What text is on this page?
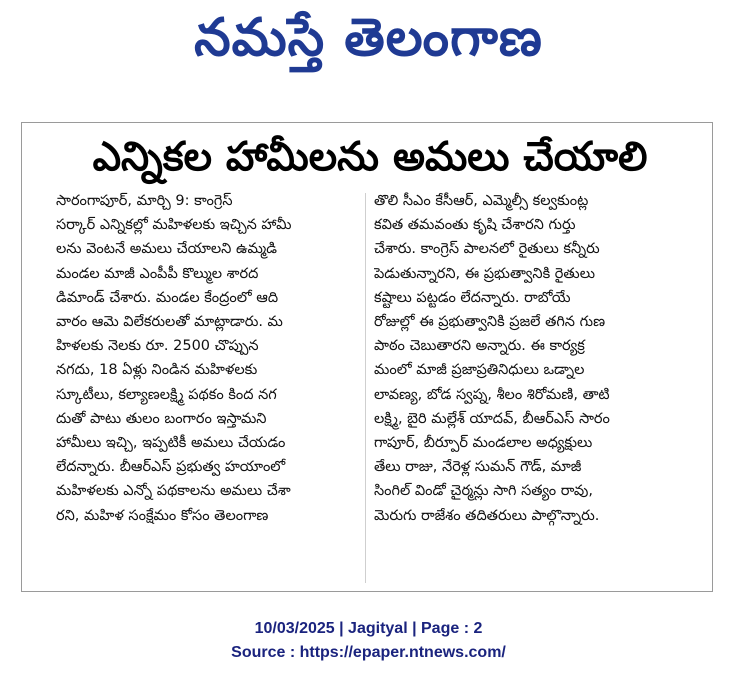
నమస్తే తెలంగాణ
ఎన్నికల హామీలను అమలు చేయాలి

సారంగాపూర్, మార్చి 9: కాంగ్రెస్

సర్కార్ ఎన్నికల్లో మహిళలకు ఇచ్చిన హామీ

లను వెంటనే అమలు చేయాలని ఉమ్మడి

మండల మాజీ ఎంపీపీ కొల్ముల శారద

డిమాండ్ చేశారు. మండల కేంద్రంలో ఆది

వారం ఆమె విలేకరులతో మాట్లాడారు. మ

హిళలకు నెలకు రూ. 2500 చొప్పున

నగదు, 18 ఏళ్లు నిండిన మహిళలకు

స్కూటీలు, కల్యాణలక్ష్మి పథకం కింద నగ

దుతో పాటు తులం బంగారం ఇస్తామని

హామీలు ఇచ్చి, ఇప్పటికీ అమలు చేయడం

లేదన్నారు. బీఆర్ఎస్ ప్రభుత్వ హయాంలో

మహిళలకు ఎన్నో పథకాలను అమలు చేశా

రని, మహిళ సంక్షేమం కోసం తెలంగాణ

తొలి సీఎం కేసీఆర్, ఎమ్మెల్సీ కల్వకుంట్ల

కవిత తమవంతు కృషి చేశారని గుర్తు

చేశారు. కాంగ్రెస్ పాలనలో రైతులు కన్నీరు

పెడుతున్నారని, ఈ ప్రభుత్వానికి రైతులు

కష్టాలు పట్టడం లేదన్నారు. రాబోయే

రోజుల్లో ఈ ప్రభుత్వానికి ప్రజలే తగిన గుణ

పాఠం చెబుతారని అన్నారు. ఈ కార్యక్ర

మంలో మాజీ ప్రజాప్రతినిధులు ఒడ్నాల

లావణ్య, బోడ స్వప్న, శీలం శిరోమణి, తాటి

లక్ష్మి, బైరి మల్లేశ్ యాదవ్, బీఆర్ఎస్ సారం

గాపూర్, బీర్పూర్ మండలాల అధ్యక్షులు

తేలు రాజు, నేరెళ్ల సుమన్ గౌడ్, మాజీ

సింగిల్ విండో చైర్మన్లు సాగి సత్యం రావు,

మెరుగు రాజేశం తదితరులు పాల్గొన్నారు.

10/03/2025 | Jagityal | Page : 2
Source : https://epaper.ntnews.com/
